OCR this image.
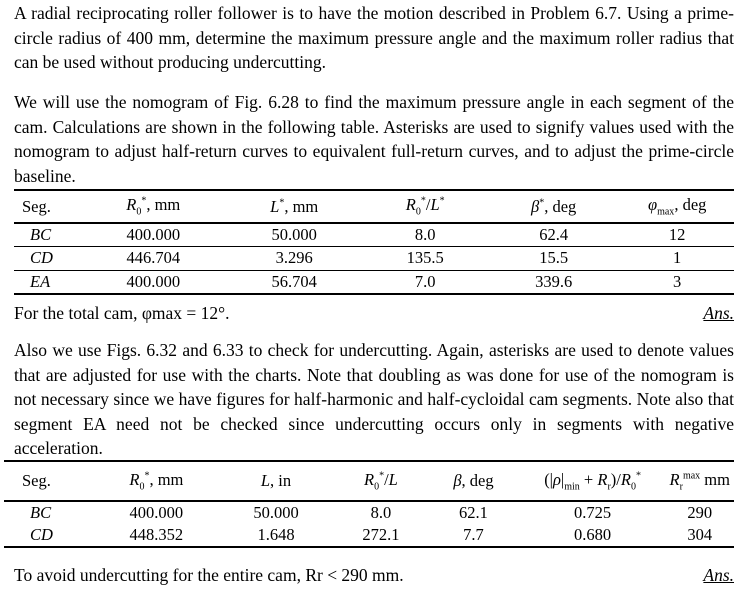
A radial reciprocating roller follower is to have the motion described in Problem 6.7. Using a prime-circle radius of 400 mm, determine the maximum pressure angle and the maximum roller radius that can be used without producing undercutting.

We will use the nomogram of Fig. 6.28 to find the maximum pressure angle in each segment of the cam. Calculations are shown in the following table. Asterisks are used to signify values used with the nomogram to adjust half-return curves to equivalent full-return curves, and to adjust the prime-circle baseline.

Seg.	$R_0^*$, mm	L*, mm	$R_0^*/L^*$	β*, deg	$\varphi_{max}$, deg
BC	400.000	50.000	8.0	62.4	12
CD	446.704	3.296	135.5	15.5	1
EA	400.000	56.704	7.0	339.6	3
For the total cam, φmax = 12°.	Ans.

Also we use Figs. 6.32 and 6.33 to check for undercutting. Again, asterisks are used to denote values that are adjusted for use with the charts. Note that doubling as was done for use of the nomogram is not necessary since we have figures for half-harmonic and half-cycloidal cam segments. Note also that segment EA need not be checked since undercutting occurs only in segments with negative acceleration.

Seg.	$R_0^*$, mm	L, in	$R_0^*/L$	β, deg	$(|\rho|_{min} + R_r)/R_0^*$	$R_r^{max}$ mm
BC	400.000	50.000	8.0	62.1	0.725	290
CD	448.352	1.648	272.1	7.7	0.680	304
To avoid undercutting for the entire cam, Rr < 290 mm.	Ans.
